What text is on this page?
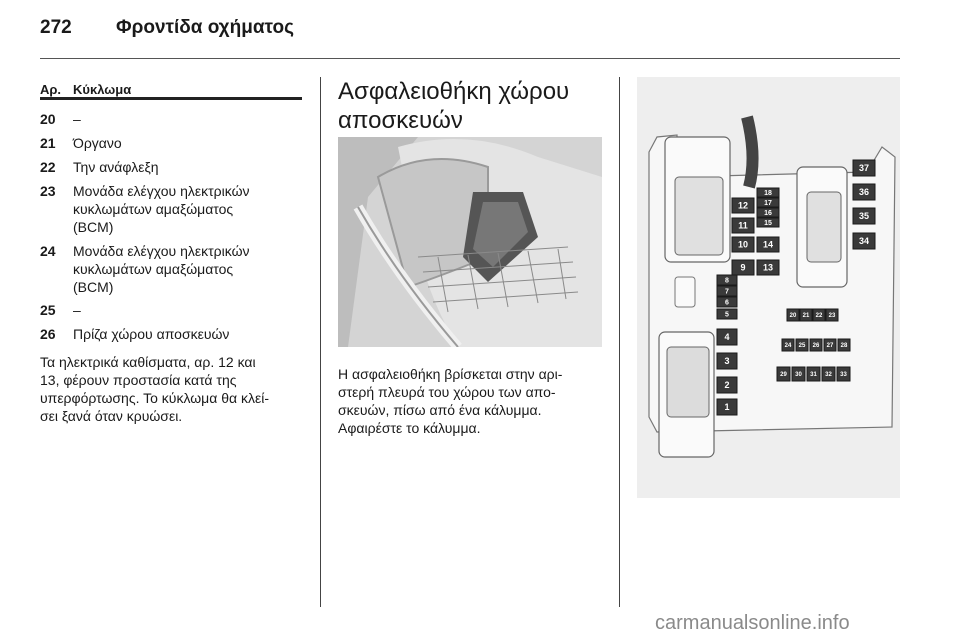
272 Φροντίδα οχήματος
Αρ. Κύκλωμα
20 –
21 Όργανο
22 Την ανάφλεξη
23 Μονάδα ελέγχου ηλεκτρικών
κυκλωμάτων αμαξώματος
(BCM)
24 Μονάδα ελέγχου ηλεκτρικών
κυκλωμάτων αμαξώματος
(BCM)
25 –
26 Πρίζα χώρου αποσκευών
Τα ηλεκτρικά καθίσματα, αρ. 12 και
13, φέρουν προστασία κατά της
υπερφόρτωσης. Το κύκλωμα θα κλεί-
σει ξανά όταν κρυώσει.
Ασφαλειοθήκη χώρου
αποσκευών
Η ασφαλειοθήκη βρίσκεται στην αρι-
στερή πλευρά του χώρου των απο-
σκευών, πίσω από ένα κάλυμμα.
Αφαιρέστε το κάλυμμα.
1
2
3
4
5
6
7
8
12
11
10
9
14
13
18
17
16
15
37
36
35
34
20 21 22 23
24 25 26 27 28
29 30 31 32 33
carmanualsonline.info
